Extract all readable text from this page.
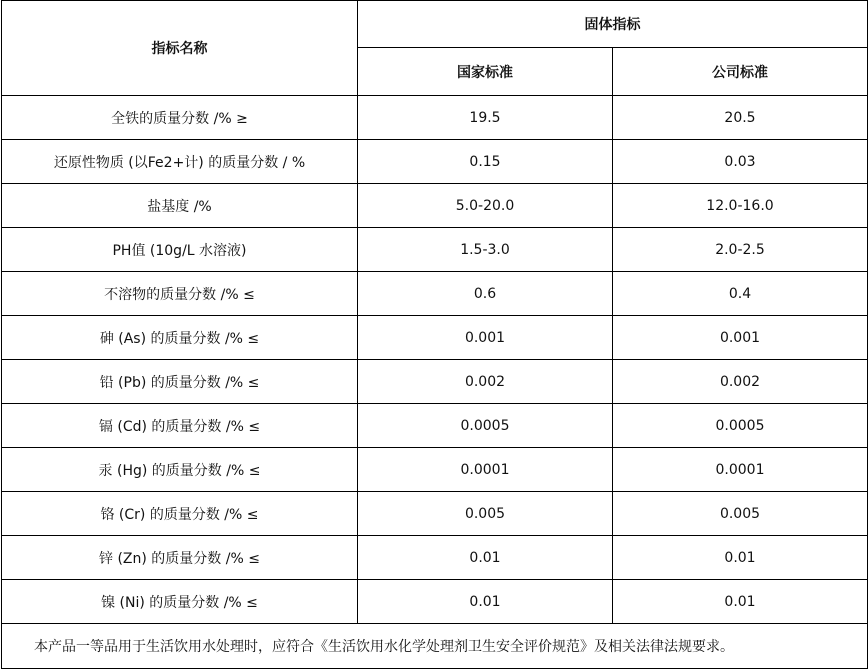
指标名称	固体指标	
	国家标准	公司标准
全铁的质量分数 /% ≥	19.5	20.5
还原性物质 (以Fe2+计) 的质量分数 / %	0.15	0.03
盐基度 /%	5.0-20.0	12.0-16.0
PH值 (10g/L 水溶液)	1.5-3.0	2.0-2.5
不溶物的质量分数 /% ≤	0.6	0.4
砷 (As) 的质量分数 /% ≤	0.001	0.001
铅 (Pb) 的质量分数 /% ≤	0.002	0.002
镉 (Cd) 的质量分数 /% ≤	0.0005	0.0005
汞 (Hg) 的质量分数 /% ≤	0.0001	0.0001
铬 (Cr) 的质量分数 /% ≤	0.005	0.005
锌 (Zn) 的质量分数 /% ≤	0.01	0.01
镍 (Ni) 的质量分数 /% ≤	0.01	0.01
本产品一等品用于生活饮用水处理时，应符合《生活饮用水化学处理剂卫生安全评价规范》及相关法律法规要求。		
